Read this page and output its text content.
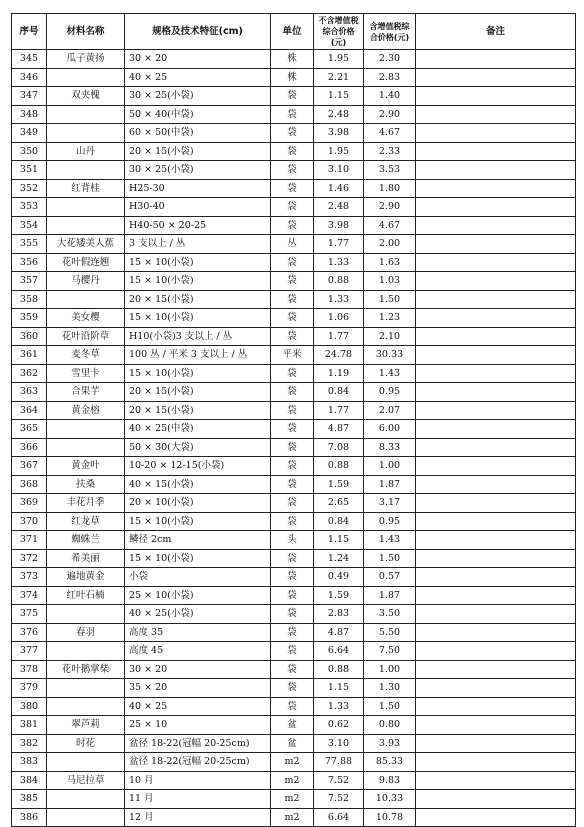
序号	材料名称	规格及技术特征(cm)	单位	不含增值税综合价格(元)	含增值税综合价格(元)	备注
345	瓜子黄扬	30 × 20	株	1.95	2.30	
346		40 × 25	株	2.21	2.83	
347	双夹槐	30 × 25(小袋)	袋	1.15	1.40	
348		50 × 40(中袋)	袋	2.48	2.90	
349		60 × 50(中袋)	袋	3.98	4.67	
350	山丹	20 × 15(小袋)	袋	1.95	2.33	
351		30 × 25(小袋)	袋	3.10	3.53	
352	红背桂	H25-30	袋	1.46	1.80	
353		H30-40	袋	2.48	2.90	
354		H40-50 × 20-25	袋	3.98	4.67	
355	大花矮美人蕉	3 支以上 / 丛	丛	1.77	2.00	
356	花叶假连翘	15 × 10(小袋)	袋	1.33	1.63	
357	马樱丹	15 × 10(小袋)	袋	0.88	1.03	
358		20 × 15(小袋)	袋	1.33	1.50	
359	美女樱	15 × 10(小袋)	袋	1.06	1.23	
360	花叶沿阶草	H10(小袋)3 支以上 / 丛	袋	1.77	2.10	
361	麦冬草	100 丛 / 平米 3 支以上 / 丛	平米	24.78	30.33	
362	雪里卡	15 × 10(小袋)	袋	1.19	1.43	
363	合果芋	20 × 15(小袋)	袋	0.84	0.95	
364	黄金榕	20 × 15(小袋)	袋	1.77	2.07	
365		40 × 25(中袋)	袋	4.87	6.00	
366		50 × 30(大袋)	袋	7.08	8.33	
367	黄金叶	10-20 × 12-15(小袋)	袋	0.88	1.00	
368	扶桑	40 × 15(小袋)	袋	1.59	1.87	
369	丰花月季	20 × 10(小袋)	袋	2.65	3.17	
370	红龙草	15 × 10(小袋)	袋	0.84	0.95	
371	蜘蛛兰	鳞径 2cm	头	1.15	1.43	
372	希美丽	15 × 10(小袋)	袋	1.24	1.50	
373	遍地黄金	小袋	袋	0.49	0.57	
374	红叶石楠	25 × 10(小袋)	袋	1.59	1.87	
375		40 × 25(小袋)	袋	2.83	3.50	
376	春羽	高度 35	袋	4.87	5.50	
377		高度 45	袋	6.64	7.50	
378	花叶鹅掌柴	30 × 20	袋	0.88	1.00	
379		35 × 20	袋	1.15	1.30	
380		40 × 25	袋	1.33	1.50	
381	翠芦莉	25 × 10	盆	0.62	0.80	
382	时花	盆径 18-22(冠幅 20-25cm)	盆	3.10	3.93	
383		盆径 18-22(冠幅 20-25cm)	m2	77.88	85.33	
384	马尼拉草	10 月	m2	7.52	9.83	
385		11 月	m2	7.52	10.33	
386		12 月	m2	6.64	10.78	
